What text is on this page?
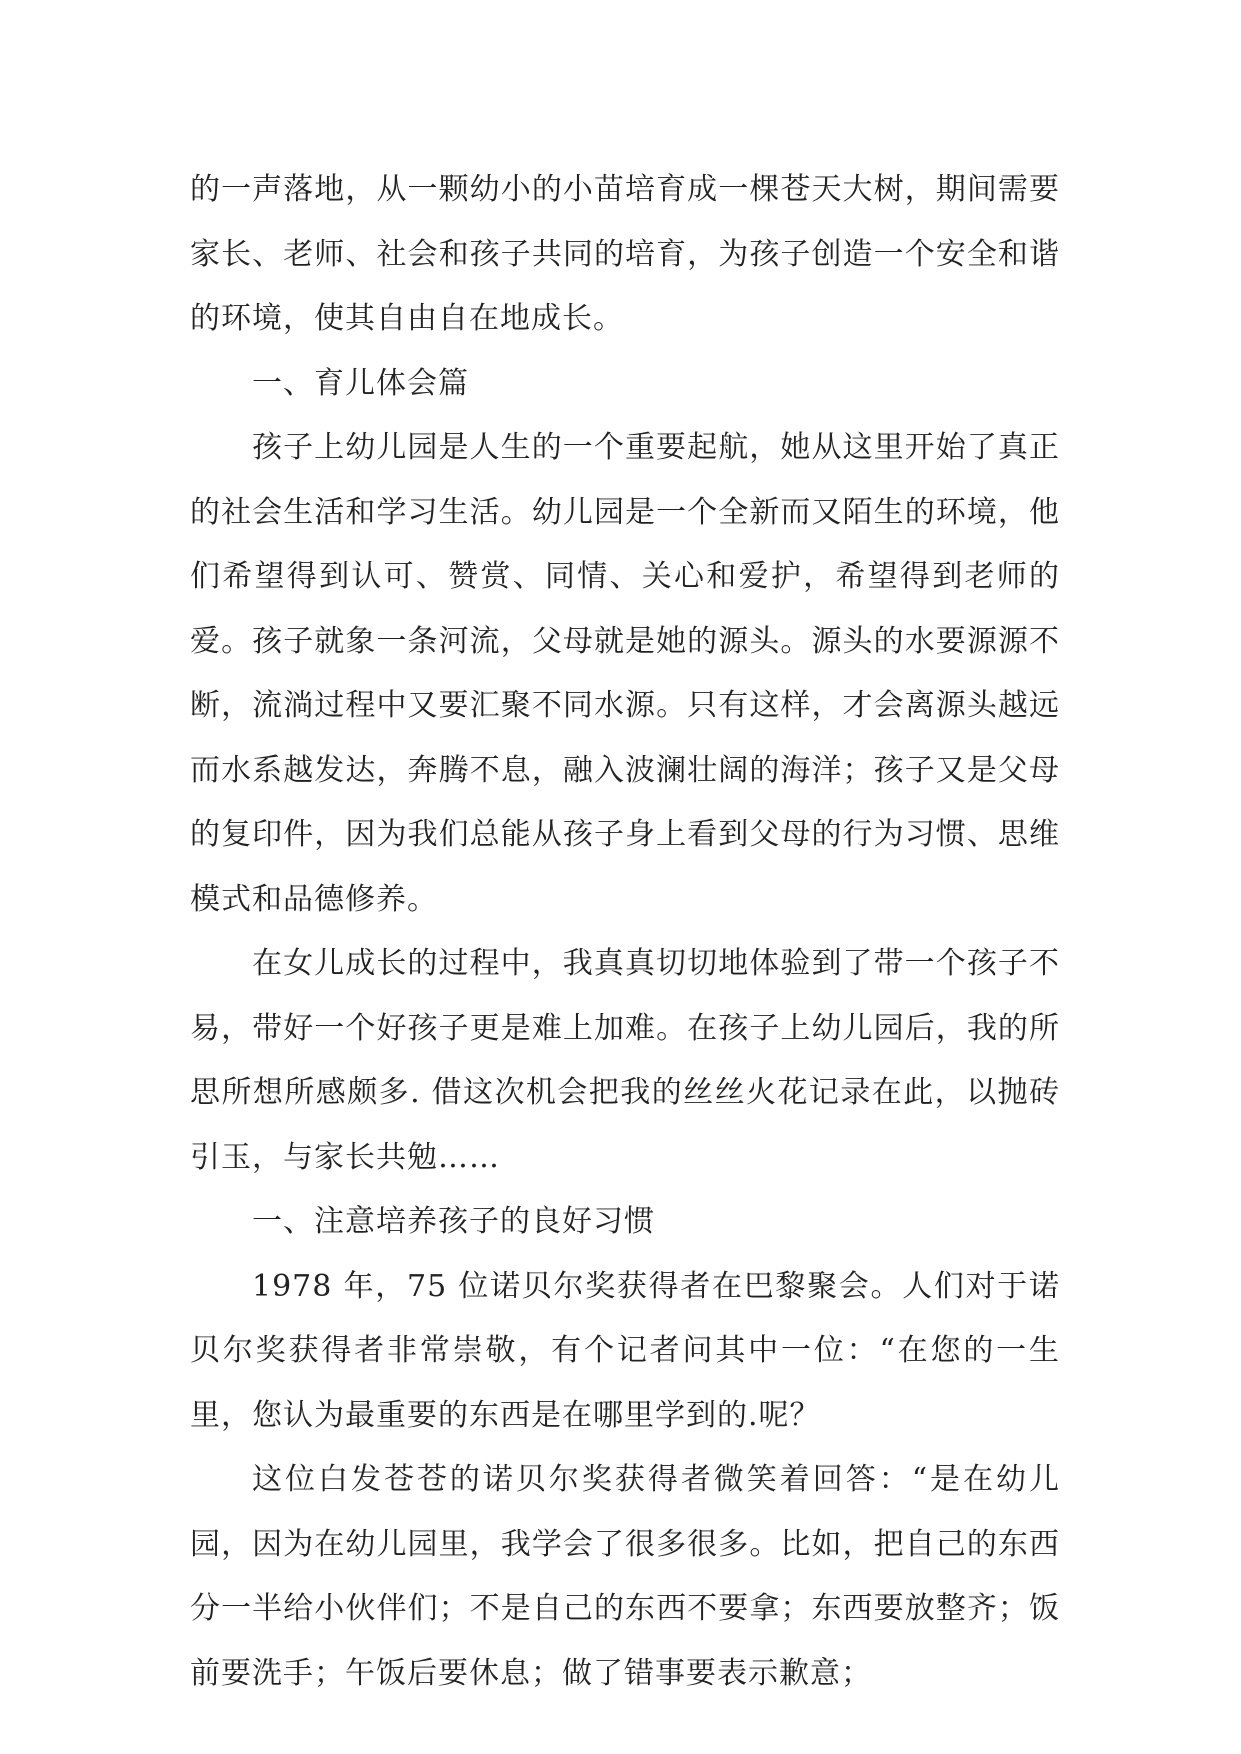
的一声落地，从一颗幼小的小苗培育成一棵苍天大树，期间需要家长、老师、社会和孩子共同的培育，为孩子创造一个安全和谐的环境，使其自由自在地成长。

一、育儿体会篇

孩子上幼儿园是人生的一个重要起航，她从这里开始了真正的社会生活和学习生活。幼儿园是一个全新而又陌生的环境，他们希望得到认可、赞赏、同情、关心和爱护，希望得到老师的爱。孩子就象一条河流，父母就是她的源头。源头的水要源源不断，流淌过程中又要汇聚不同水源。只有这样，才会离源头越远而水系越发达，奔腾不息，融入波澜壮阔的海洋；孩子又是父母的复印件，因为我们总能从孩子身上看到父母的行为习惯、思维模式和品德修养。

在女儿成长的过程中，我真真切切地体验到了带一个孩子不易，带好一个好孩子更是难上加难。在孩子上幼儿园后，我的所思所想所感颇多. 借这次机会把我的丝丝火花记录在此，以抛砖引玉，与家长共勉……

一、注意培养孩子的良好习惯

1978 年，75 位诺贝尔奖获得者在巴黎聚会。人们对于诺贝尔奖获得者非常崇敬，有个记者问其中一位：“在您的一生里，您认为最重要的东西是在哪里学到的.呢？

这位白发苍苍的诺贝尔奖获得者微笑着回答：“是在幼儿园，因为在幼儿园里，我学会了很多很多。比如，把自己的东西分一半给小伙伴们；不是自己的东西不要拿；东西要放整齐；饭前要洗手；午饭后要休息；做了错事要表示歉意；
